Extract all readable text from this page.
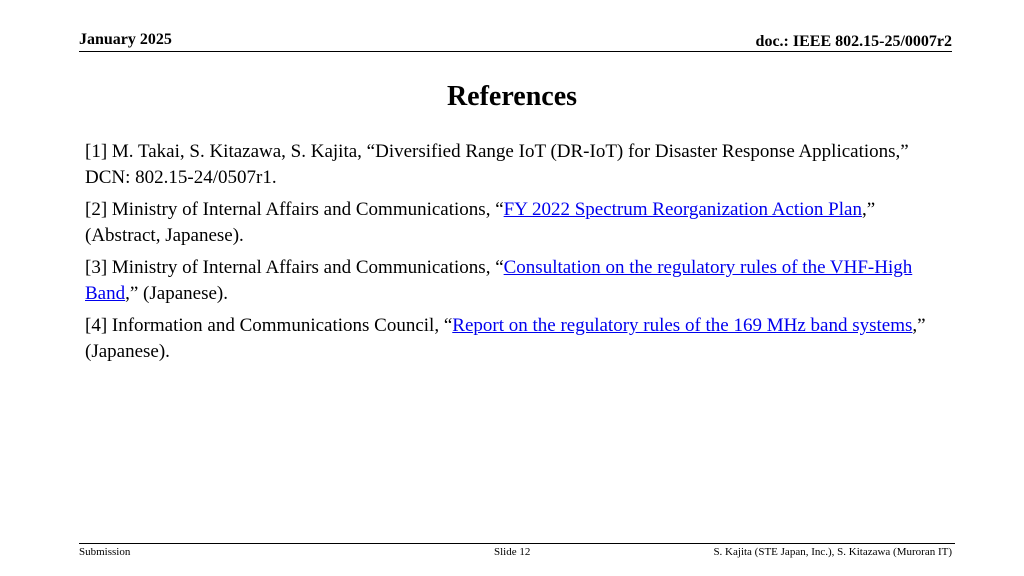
January 2025	doc.: IEEE 802.15-25/0007r2
References

[1] M. Takai, S. Kitazawa, S. Kajita, “Diversified Range IoT (DR-IoT) for Disaster Response Applications,” DCN: 802.15-24/0507r1.

[2] Ministry of Internal Affairs and Communications, “FY 2022 Spectrum Reorganization Action Plan,” (Abstract, Japanese).

[3] Ministry of Internal Affairs and Communications, “Consultation on the regulatory rules of the VHF-High Band,” (Japanese).

[4] Information and Communications Council, “Report on the regulatory rules of the 169 MHz band systems,” (Japanese).

Submission	Slide 12	S. Kajita (STE Japan, Inc.), S. Kitazawa (Muroran IT)
